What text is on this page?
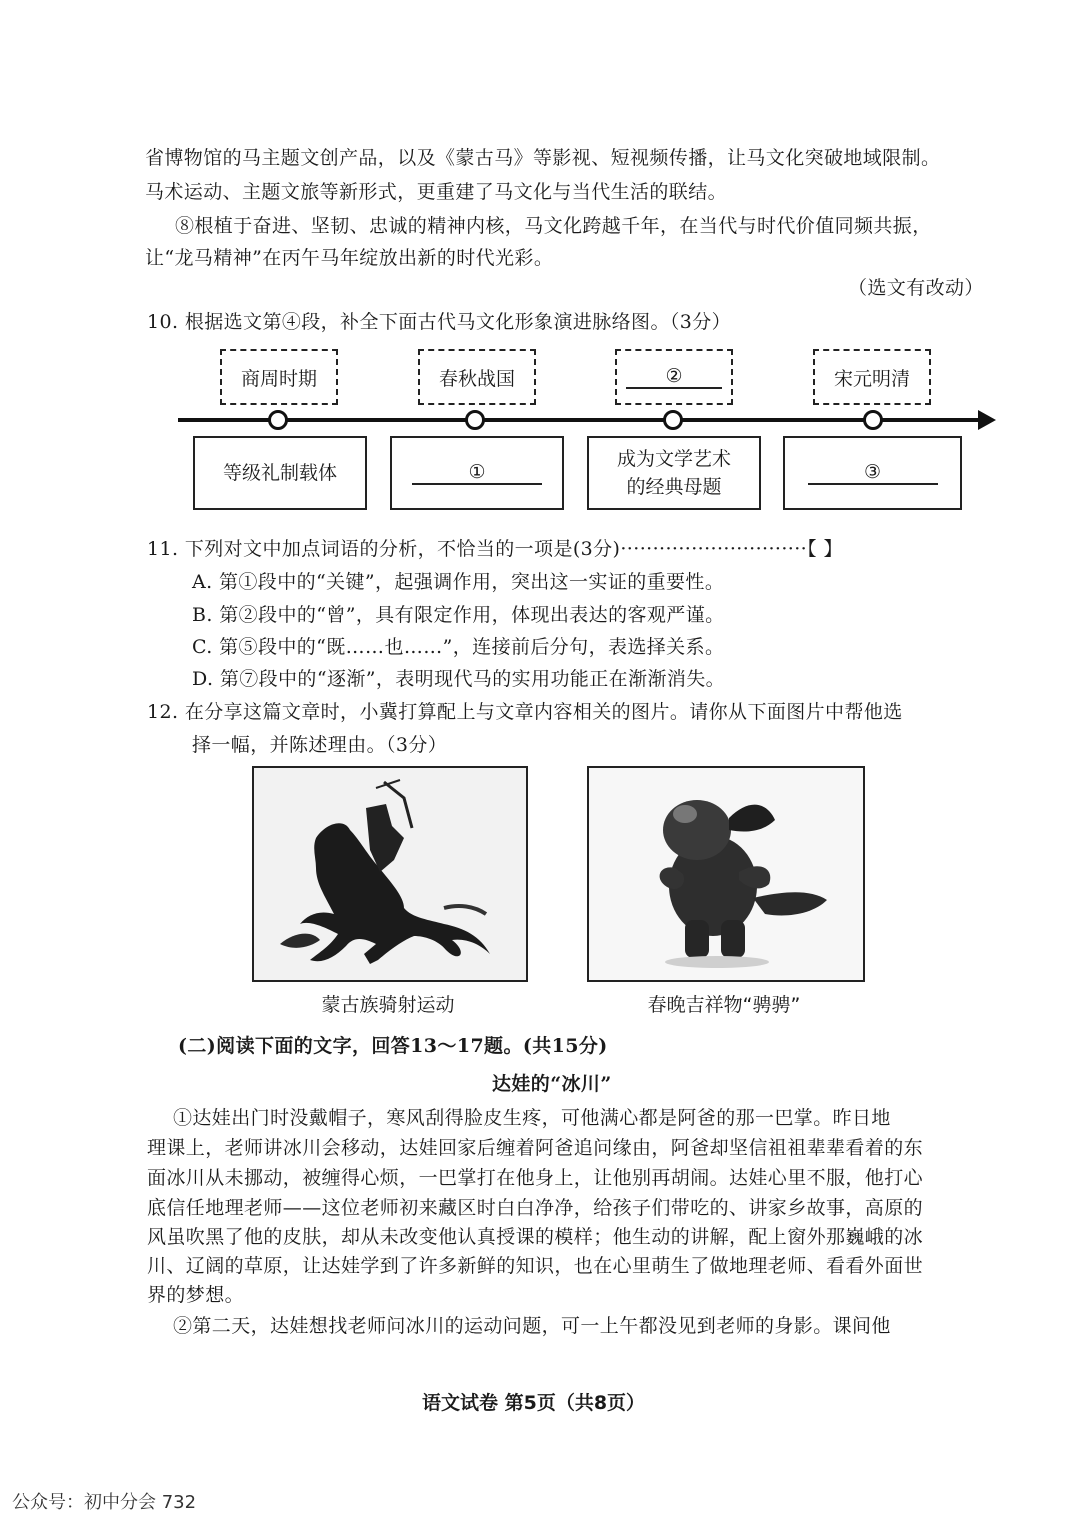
省博物馆的马主题文创产品，以及《蒙古马》等影视、短视频传播，让马文化突破地域限制。
马术运动、主题文旅等新形式，更重建了马文化与当代生活的联结。
⑧根植于奋进、坚韧、忠诚的精神内核，马文化跨越千年，在当代与时代价值同频共振，
让“龙马精神”在丙午马年绽放出新的时代光彩。
（选文有改动）
10. 根据选文第④段，补全下面古代马文化形象演进脉络图。（3分）
商周时期	春秋战国	②	宋元明清
等级礼制载体	①
成为文学艺术
的经典母题
③
11. 下列对文中加点词语的分析，不恰当的一项是(3分)·····························【 】
A. 第①段中的“关键”，起强调作用，突出这一实证的重要性。
B. 第②段中的“曾”，具有限定作用，体现出表达的客观严谨。
C. 第⑤段中的“既……也……”，连接前后分句，表选择关系。
D. 第⑦段中的“逐渐”，表明现代马的实用功能正在渐渐消失。
12. 在分享这篇文章时，小冀打算配上与文章内容相关的图片。请你从下面图片中帮他选
择一幅，并陈述理由。（3分）
蒙古族骑射运动	春晚吉祥物“骋骋”
(二)阅读下面的文字，回答13～17题。(共15分)
达娃的“冰川”
①达娃出门时没戴帽子，寒风刮得脸皮生疼，可他满心都是阿爸的那一巴掌。昨日地
理课上，老师讲冰川会移动，达娃回家后缠着阿爸追问缘由，阿爸却坚信祖祖辈辈看着的东
面冰川从未挪动，被缠得心烦，一巴掌打在他身上，让他别再胡闹。达娃心里不服，他打心
底信任地理老师——这位老师初来藏区时白白净净，给孩子们带吃的、讲家乡故事，高原的
风虽吹黑了他的皮肤，却从未改变他认真授课的模样；他生动的讲解，配上窗外那巍峨的冰
川、辽阔的草原，让达娃学到了许多新鲜的知识，也在心里萌生了做地理老师、看看外面世
界的梦想。
②第二天，达娃想找老师问冰川的运动问题，可一上午都没见到老师的身影。课间他
语文试卷 第5页（共8页）
公众号：初中分会 732
